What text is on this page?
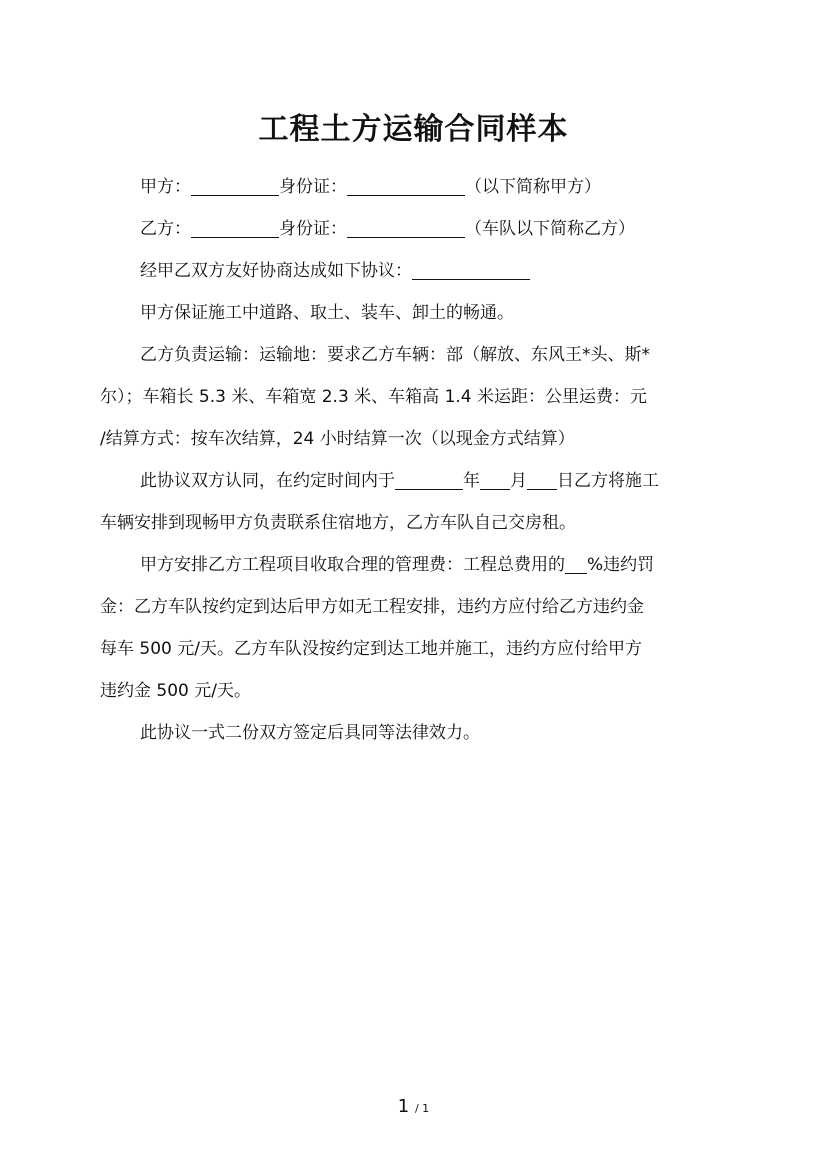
工程土方运输合同样本
甲方：	身份证：	（以下简称甲方）
乙方：	身份证：	（车队以下简称乙方）
经甲乙双方友好协商达成如下协议：
甲方保证施工中道路、取土、装车、卸土的畅通。
乙方负责运输：运输地：要求乙方车辆：部（解放、东风王*头、斯*
尔）；车箱长 5.3 米、车箱宽 2.3 米、车箱高 1.4 米运距：公里运费：元
/结算方式：按车次结算，24 小时结算一次（以现金方式结算）
此协议双方认同，在约定时间内于	年 月 日乙方将施工
车辆安排到现畅甲方负责联系住宿地方，乙方车队自己交房租。
甲方安排乙方工程项目收取合理的管理费：工程总费用的 %违约罚
金：乙方车队按约定到达后甲方如无工程安排，违约方应付给乙方违约金
每车 500 元/天。乙方车队没按约定到达工地并施工，违约方应付给甲方
违约金 500 元/天。
此协议一式二份双方签定后具同等法律效力。
1 / 1
